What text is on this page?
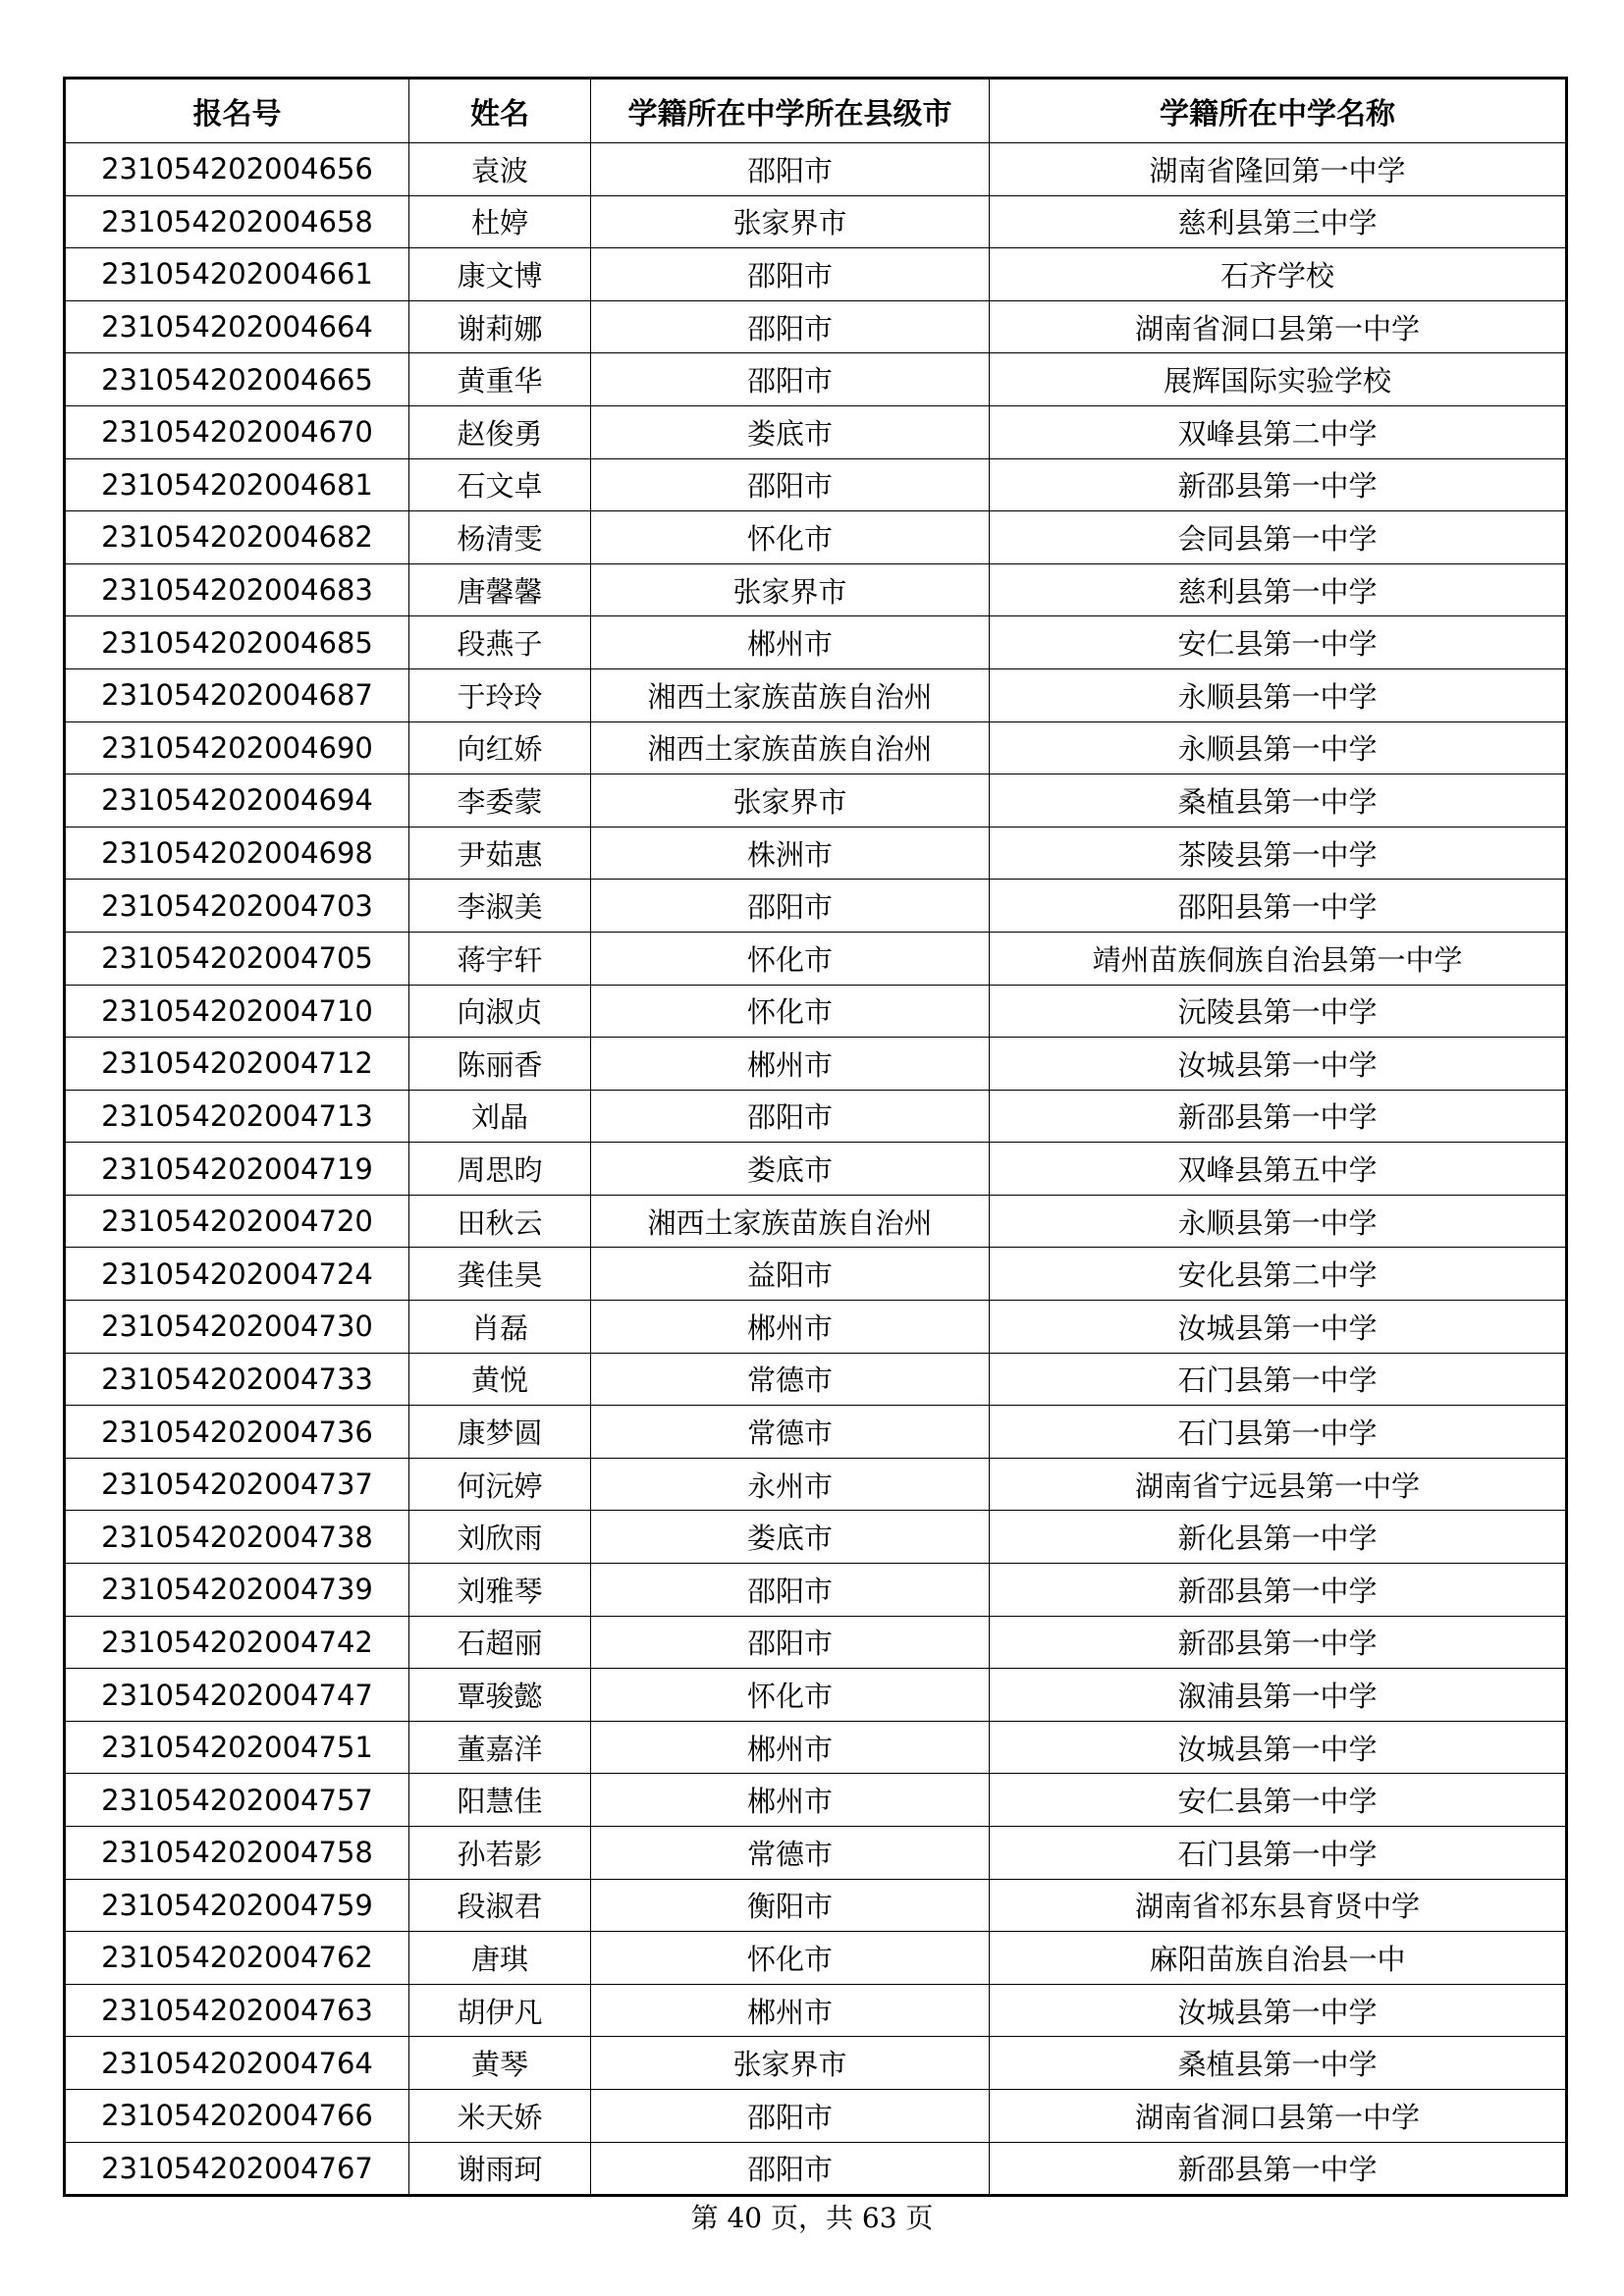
报名号	姓名	学籍所在中学所在县级市	学籍所在中学名称
231054202004656	袁波	邵阳市	湖南省隆回第一中学
231054202004658	杜婷	张家界市	慈利县第三中学
231054202004661	康文博	邵阳市	石齐学校
231054202004664	谢莉娜	邵阳市	湖南省洞口县第一中学
231054202004665	黄重华	邵阳市	展辉国际实验学校
231054202004670	赵俊勇	娄底市	双峰县第二中学
231054202004681	石文卓	邵阳市	新邵县第一中学
231054202004682	杨清雯	怀化市	会同县第一中学
231054202004683	唐馨馨	张家界市	慈利县第一中学
231054202004685	段燕子	郴州市	安仁县第一中学
231054202004687	于玲玲	湘西土家族苗族自治州	永顺县第一中学
231054202004690	向红娇	湘西土家族苗族自治州	永顺县第一中学
231054202004694	李委蒙	张家界市	桑植县第一中学
231054202004698	尹茹惠	株洲市	茶陵县第一中学
231054202004703	李淑美	邵阳市	邵阳县第一中学
231054202004705	蒋宇轩	怀化市	靖州苗族侗族自治县第一中学
231054202004710	向淑贞	怀化市	沅陵县第一中学
231054202004712	陈丽香	郴州市	汝城县第一中学
231054202004713	刘晶	邵阳市	新邵县第一中学
231054202004719	周思昀	娄底市	双峰县第五中学
231054202004720	田秋云	湘西土家族苗族自治州	永顺县第一中学
231054202004724	龚佳昊	益阳市	安化县第二中学
231054202004730	肖磊	郴州市	汝城县第一中学
231054202004733	黄悦	常德市	石门县第一中学
231054202004736	康梦圆	常德市	石门县第一中学
231054202004737	何沅婷	永州市	湖南省宁远县第一中学
231054202004738	刘欣雨	娄底市	新化县第一中学
231054202004739	刘雅琴	邵阳市	新邵县第一中学
231054202004742	石超丽	邵阳市	新邵县第一中学
231054202004747	覃骏懿	怀化市	溆浦县第一中学
231054202004751	董嘉洋	郴州市	汝城县第一中学
231054202004757	阳慧佳	郴州市	安仁县第一中学
231054202004758	孙若影	常德市	石门县第一中学
231054202004759	段淑君	衡阳市	湖南省祁东县育贤中学
231054202004762	唐琪	怀化市	麻阳苗族自治县一中
231054202004763	胡伊凡	郴州市	汝城县第一中学
231054202004764	黄琴	张家界市	桑植县第一中学
231054202004766	米天娇	邵阳市	湖南省洞口县第一中学
231054202004767	谢雨珂	邵阳市	新邵县第一中学
第 40 页，共 63 页
